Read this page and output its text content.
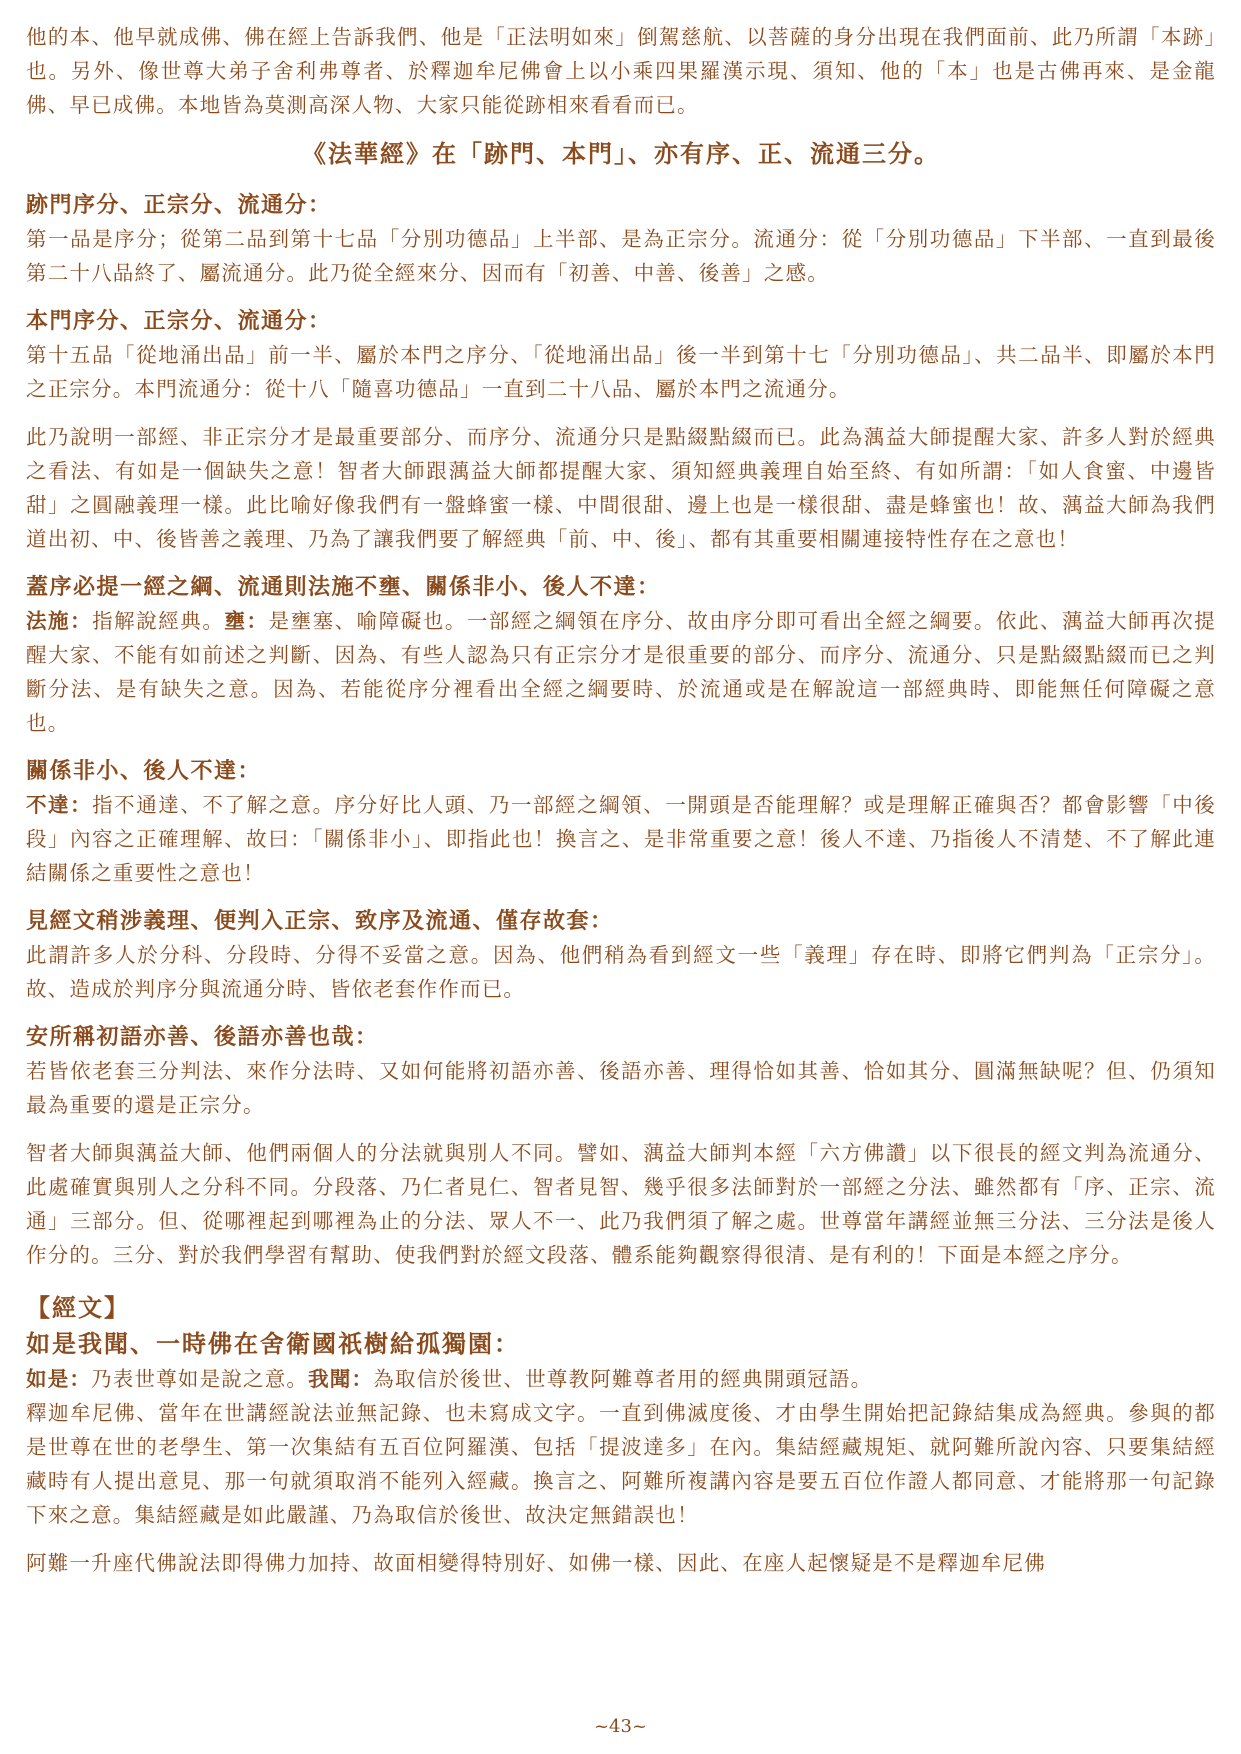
他的本、他早就成佛、佛在經上告訴我們、他是「正法明如來」倒駕慈航、以菩薩的身分出現在我們面前、此乃所謂「本跡」也。另外、像世尊大弟子舍利弗尊者、於釋迦牟尼佛會上以小乘四果羅漢示現、須知、他的「本」也是古佛再來、是金龍佛、早已成佛。本地皆為莫測高深人物、大家只能從跡相來看看而已。

《法華經》在「跡門、本門」、亦有序、正、流通三分。
跡門序分、正宗分、流通分：

第一品是序分；從第二品到第十七品「分別功德品」上半部、是為正宗分。流通分：從「分別功德品」下半部、一直到最後第二十八品終了、屬流通分。此乃從全經來分、因而有「初善、中善、後善」之感。

本門序分、正宗分、流通分：

第十五品「從地涌出品」前一半、屬於本門之序分、「從地涌出品」後一半到第十七「分別功德品」、共二品半、即屬於本門之正宗分。本門流通分：從十八「隨喜功德品」一直到二十八品、屬於本門之流通分。

此乃說明一部經、非正宗分才是最重要部分、而序分、流通分只是點綴點綴而已。此為蕅益大師提醒大家、許多人對於經典之看法、有如是一個缺失之意！智者大師跟蕅益大師都提醒大家、須知經典義理自始至終、有如所謂：「如人食蜜、中邊皆甜」之圓融義理一樣。此比喻好像我們有一盤蜂蜜一樣、中間很甜、邊上也是一樣很甜、盡是蜂蜜也！故、蕅益大師為我們道出初、中、後皆善之義理、乃為了讓我們要了解經典「前、中、後」、都有其重要相關連接特性存在之意也！

蓋序必提一經之綱、流通則法施不壅、關係非小、後人不達：

法施：指解說經典。壅：是壅塞、喻障礙也。一部經之綱領在序分、故由序分即可看出全經之綱要。依此、蕅益大師再次提醒大家、不能有如前述之判斷、因為、有些人認為只有正宗分才是很重要的部分、而序分、流通分、只是點綴點綴而已之判斷分法、是有缺失之意。因為、若能從序分裡看出全經之綱要時、於流通或是在解說這一部經典時、即能無任何障礙之意也。

關係非小、後人不達：

不達：指不通達、不了解之意。序分好比人頭、乃一部經之綱領、一開頭是否能理解？或是理解正確與否？都會影響「中後段」內容之正確理解、故曰：「關係非小」、即指此也！換言之、是非常重要之意！後人不達、乃指後人不清楚、不了解此連結關係之重要性之意也！

見經文稍涉義理、便判入正宗、致序及流通、僅存故套：

此謂許多人於分科、分段時、分得不妥當之意。因為、他們稍為看到經文一些「義理」存在時、即將它們判為「正宗分」。故、造成於判序分與流通分時、皆依老套作作而已。

安所稱初語亦善、後語亦善也哉：

若皆依老套三分判法、來作分法時、又如何能將初語亦善、後語亦善、理得恰如其善、恰如其分、圓滿無缺呢？但、仍須知最為重要的還是正宗分。

智者大師與蕅益大師、他們兩個人的分法就與別人不同。譬如、蕅益大師判本經「六方佛讚」以下很長的經文判為流通分、此處確實與別人之分科不同。分段落、乃仁者見仁、智者見智、幾乎很多法師對於一部經之分法、雖然都有「序、正宗、流通」三部分。但、從哪裡起到哪裡為止的分法、眾人不一、此乃我們須了解之處。世尊當年講經並無三分法、三分法是後人作分的。三分、對於我們學習有幫助、使我們對於經文段落、體系能夠觀察得很清、是有利的！下面是本經之序分。

【經文】
如是我聞、一時佛在舍衛國祇樹給孤獨園：

如是：乃表世尊如是說之意。我聞：為取信於後世、世尊教阿難尊者用的經典開頭冠語。

釋迦牟尼佛、當年在世講經說法並無記錄、也未寫成文字。一直到佛滅度後、才由學生開始把記錄結集成為經典。參與的都是世尊在世的老學生、第一次集結有五百位阿羅漢、包括「提波達多」在內。集結經藏規矩、就阿難所說內容、只要集結經藏時有人提出意見、那一句就須取消不能列入經藏。換言之、阿難所複講內容是要五百位作證人都同意、才能將那一句記錄下來之意。集結經藏是如此嚴謹、乃為取信於後世、故決定無錯誤也！

阿難一升座代佛說法即得佛力加持、故面相變得特別好、如佛一樣、因此、在座人起懷疑是不是釋迦牟尼佛

~43~
